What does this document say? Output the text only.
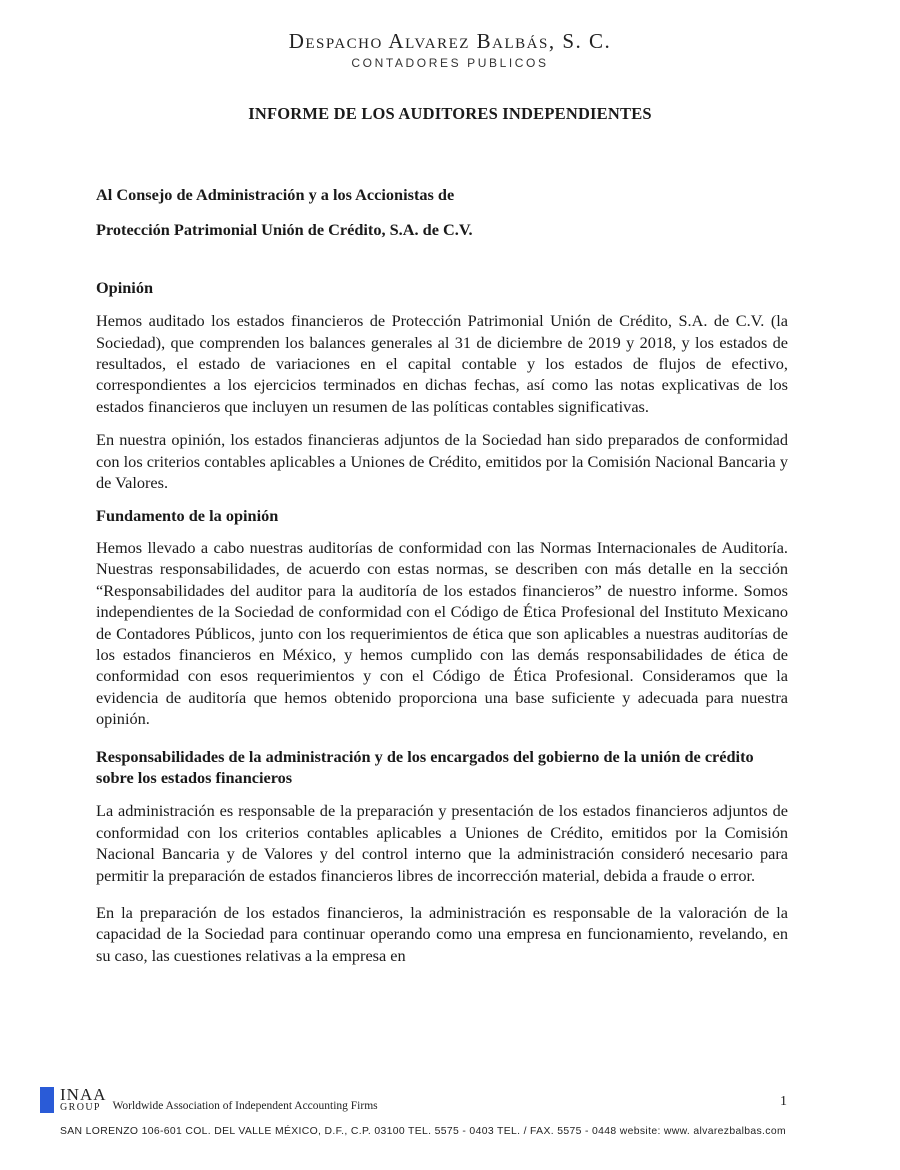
Despacho Alvarez Balbás, S. C.
CONTADORES PUBLICOS
INFORME DE LOS AUDITORES INDEPENDIENTES

Al Consejo de Administración y a los Accionistas de

Protección Patrimonial Unión de Crédito, S.A. de C.V.

Opinión

Hemos auditado los estados financieros de Protección Patrimonial Unión de Crédito, S.A. de C.V. (la Sociedad), que comprenden los balances generales al 31 de diciembre de 2019 y 2018, y los estados de resultados, el estado de variaciones en el capital contable y los estados de flujos de efectivo, correspondientes a los ejercicios terminados en dichas fechas, así como las notas explicativas de los estados financieros que incluyen un resumen de las políticas contables significativas.

En nuestra opinión, los estados financieras adjuntos de la Sociedad han sido preparados de conformidad con los criterios contables aplicables a Uniones de Crédito, emitidos por la Comisión Nacional Bancaria y de Valores.

Fundamento de la opinión

Hemos llevado a cabo nuestras auditorías de conformidad con las Normas Internacionales de Auditoría. Nuestras responsabilidades, de acuerdo con estas normas, se describen con más detalle en la sección “Responsabilidades del auditor para la auditoría de los estados financieros” de nuestro informe. Somos independientes de la Sociedad de conformidad con el Código de Ética Profesional del Instituto Mexicano de Contadores Públicos, junto con los requerimientos de ética que son aplicables a nuestras auditorías de los estados financieros en México, y hemos cumplido con las demás responsabilidades de ética de conformidad con esos requerimientos y con el Código de Ética Profesional. Consideramos que la evidencia de auditoría que hemos obtenido proporciona una base suficiente y adecuada para nuestra opinión.

Responsabilidades de la administración y de los encargados del gobierno de la unión de crédito sobre los estados financieros

La administración es responsable de la preparación y presentación de los estados financieros adjuntos de conformidad con los criterios contables aplicables a Uniones de Crédito, emitidos por la Comisión Nacional Bancaria y de Valores y del control interno que la administración consideró necesario para permitir la preparación de estados financieros libres de incorrección material, debida a fraude o error.

En la preparación de los estados financieros, la administración es responsable de la valoración de la capacidad de la Sociedad para continuar operando como una empresa en funcionamiento, revelando, en su caso, las cuestiones relativas a la empresa en

INAA
GROUP	Worldwide Association of Independent Accounting Firms	1
SAN LORENZO 106-601 COL. DEL VALLE MÉXICO, D.F., C.P. 03100 TEL. 5575 - 0403 TEL. / FAX. 5575 - 0448 website: www. alvarezbalbas.com
